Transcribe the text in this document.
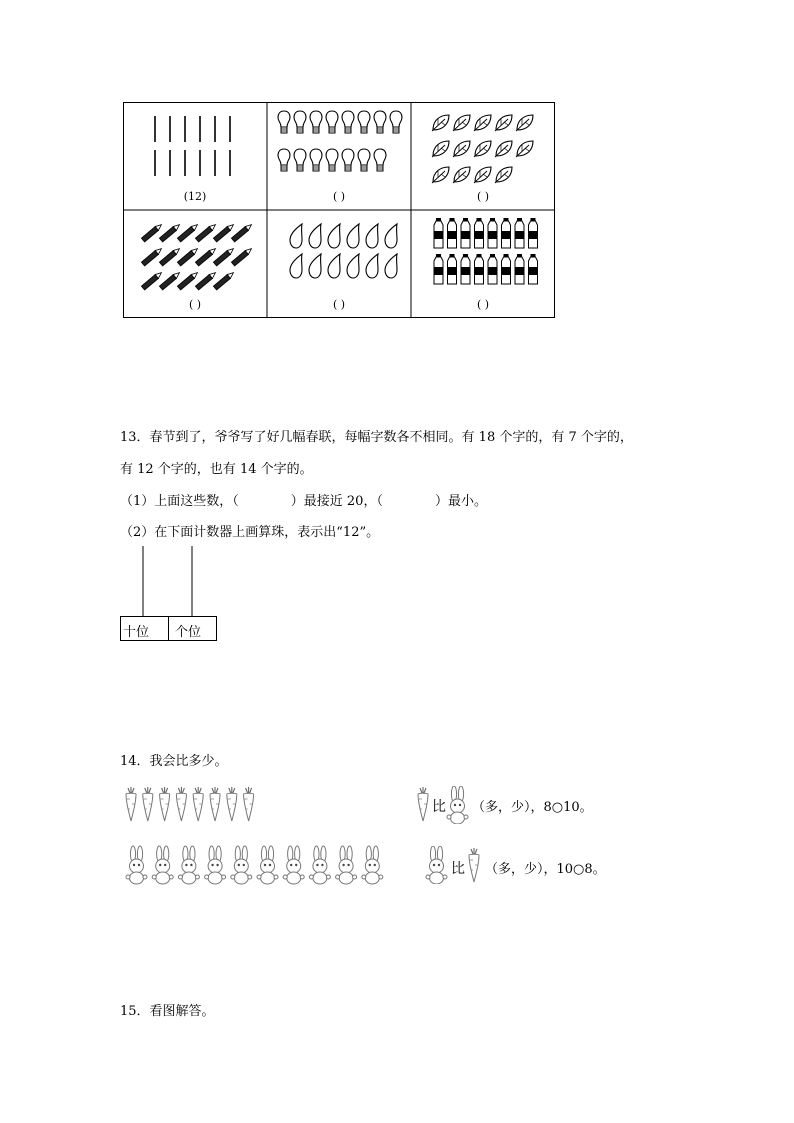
(12)	( )	( )
( )	( )	( )
13．春节到了，爷爷写了好几幅春联，每幅字数各不相同。有 18 个字的，有 7 个字的，
有 12 个字的，也有 14 个字的。
（1）上面这些数，（　　　　）最接近 20，（　　　　）最小。
（2）在下面计数器上画算珠，表示出“12”。
十位 个位
14．我会比多少。
比 （多，少），8○10。
比 （多，少），10○8。
15．看图解答。
